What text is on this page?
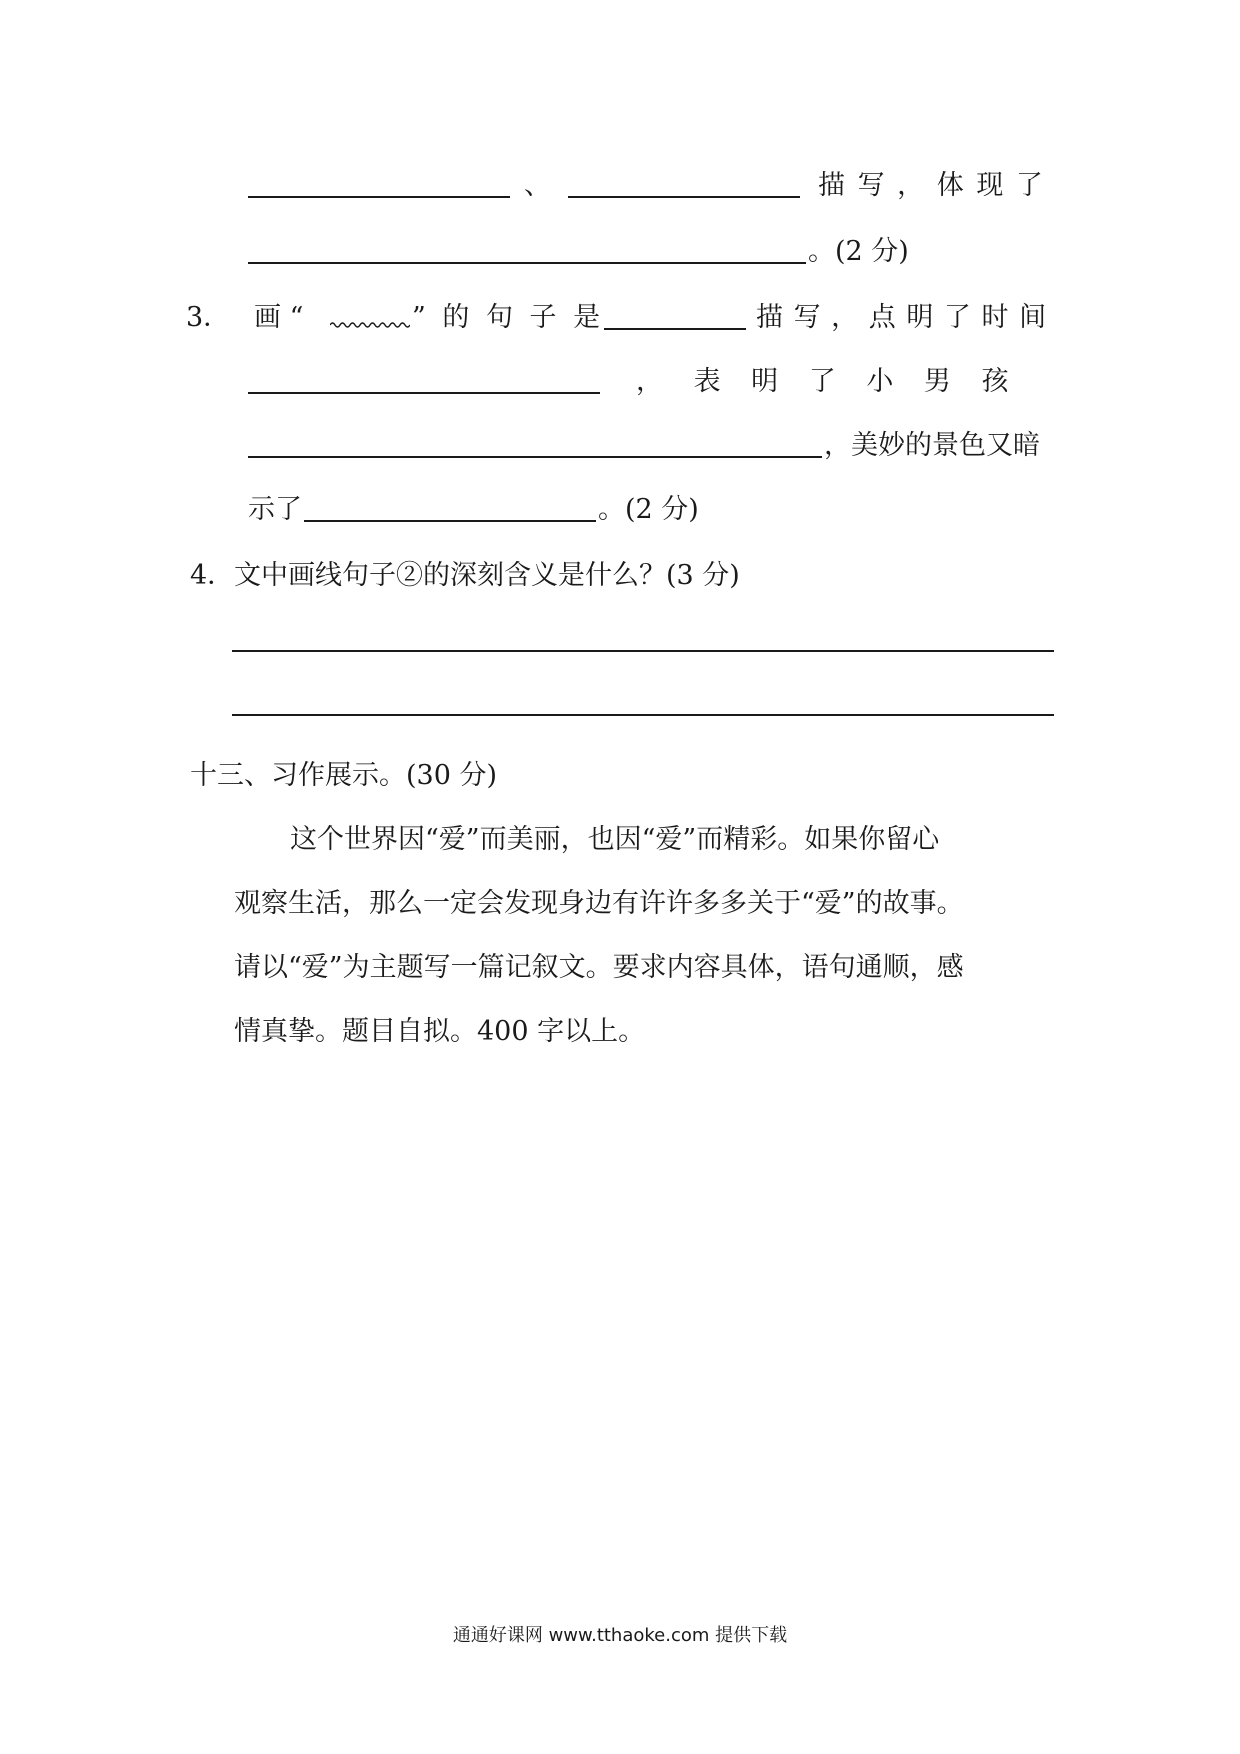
、	描 写 ， 体 现 了
。(2 分)
3． 画 “	” 的 句 子 是	描 写 ， 点 明 了 时 间
， 表 明 了 小 男 孩
，美妙的景色又暗
示了	。(2 分)
4． 文中画线句子②的深刻含义是什么？(3 分)
十三、习作展示。(30 分)
这个世界因“爱”而美丽，也因“爱”而精彩。如果你留心
观察生活，那么一定会发现身边有许许多多关于“爱”的故事。
请以“爱”为主题写一篇记叙文。要求内容具体，语句通顺，感
情真挚。题目自拟。400 字以上。
通通好课网 www.tthaoke.com 提供下载
